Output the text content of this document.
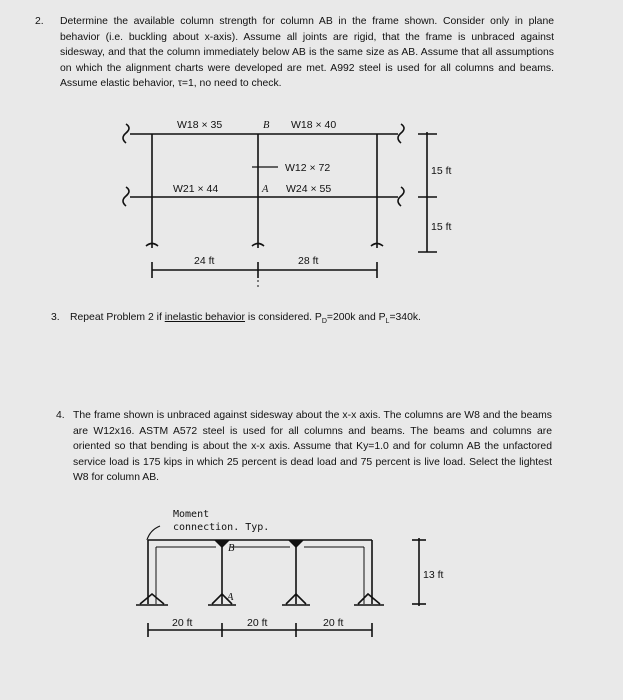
2. Determine the available column strength for column AB in the frame shown. Consider only in plane behavior (i.e. buckling about x-axis). Assume all joints are rigid, that the frame is unbraced against sidesway, and that the column immediately below AB is the same size as AB. Assume that all assumptions on which the alignment charts were developed are met. A992 steel is used for all columns and beams. Assume elastic behavior, τ=1, no need to check.
W18 × 35	B W18 × 40
W12 × 72
W21 × 44	A W24 × 55
15 ft
15 ft
24 ft	28 ft
3. Repeat Problem 2 if inelastic behavior is considered. $P_D=200k$ and $P_L=340k$.
4. The frame shown is unbraced against sidesway about the x-x axis. The columns are W8 and the beams are W12x16. ASTM A572 steel is used for all columns and beams. The beams and columns are oriented so that bending is about the x-x axis. Assume that Ky=1.0 and for column AB the unfactored service load is 175 kips in which 25 percent is dead load and 75 percent is live load. Select the lightest W8 for column AB.
Moment
connection. Typ.
B
A
13 ft
20 ft	20 ft	20 ft
